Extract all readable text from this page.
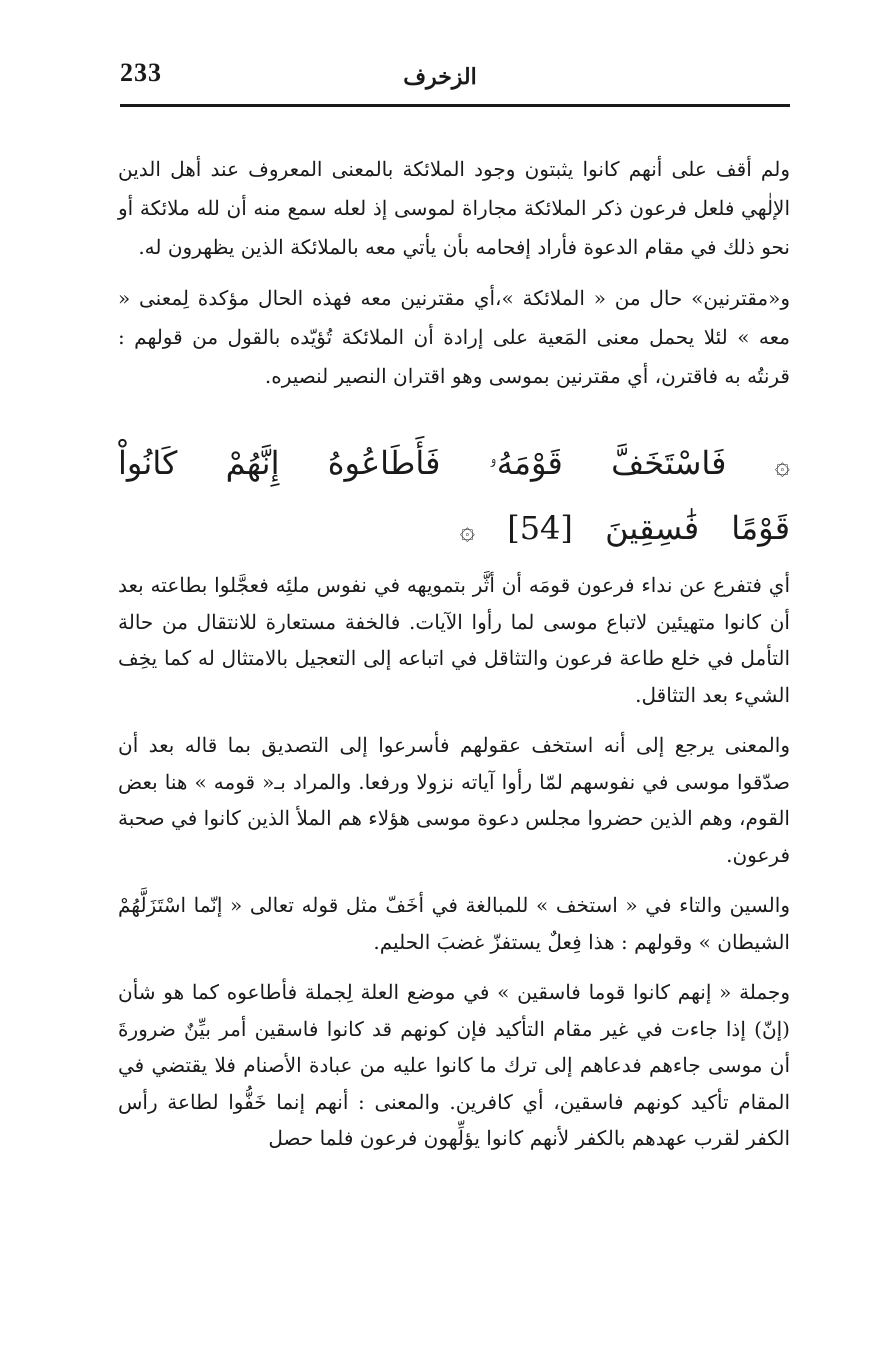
233	الزخرف

ولم أقف على أنهم كانوا يثبتون وجود الملائكة بالمعنى المعروف عند أهل الدين الإلٰهي فلعل فرعون ذكر الملائكة مجاراة لموسى إذ لعله سمع منه أن لله ملائكة أو نحو ذلك في مقام الدعوة فأراد إفحامه بأن يأتي معه بالملائكة الذين يظهرون له.

و«مقترنين» حال من « الملائكة »،أي مقترنين معه فهذه الحال مؤكدة لِمعنى « معه » لئلا يحمل معنى المَعية على إرادة أن الملائكة تُؤيّده بالقول من قولهم : قرنتُه به فاقترن، أي مقترنين بموسى وهو اقتران النصير لنصيره.

۞ فَاسْتَخَفَّ قَوْمَهُۥ فَأَطَاعُوهُ إِنَّهُمْ كَانُواْ قَوْمًا فَٰسِقِينَ [54] ۞

أي فتفرع عن نداء فرعون قومَه أن أثَّر بتمويهه في نفوس ملئِه فعجَّلوا بطاعته بعد أن كانوا متهيئين لاتباع موسى لما رأوا الآيات. فالخفة مستعارة للانتقال من حالة التأمل في خلع طاعة فرعون والتثاقل في اتباعه إلى التعجيل بالامتثال له كما يخِف الشيء بعد التثاقل.

والمعنى يرجع إلى أنه استخف عقولهم فأسرعوا إلى التصديق بما قاله بعد أن صدّقوا موسى في نفوسهم لمّا رأوا آياته نزولا ورفعا. والمراد بـ« قومه » هنا بعض القوم، وهم الذين حضروا مجلس دعوة موسى هؤلاء هم الملأ الذين كانوا في صحبة فرعون.

والسين والتاء في « استخف » للمبالغة في أخَفّ مثل قوله تعالى « إنّما اسْتَزَلَّهُمْ الشيطان » وقولهم : هذا فِعلٌ يستفزّ غضبَ الحليم.

وجملة « إنهم كانوا قوما فاسقين » في موضع العلة لِجملة فأطاعوه كما هو شأن (إنّ) إذا جاءت في غير مقام التأكيد فإن كونهم قد كانوا فاسقين أمر بيِّنٌ ضرورةَ أن موسى جاءهم فدعاهم إلى ترك ما كانوا عليه من عبادة الأصنام فلا يقتضي في المقام تأكيد كونهم فاسقين، أي كافرين. والمعنى : أنهم إنما خَفُّوا لطاعة رأس الكفر لقرب عهدهم بالكفر لأنهم كانوا يؤلِّهون فرعون فلما حصل
